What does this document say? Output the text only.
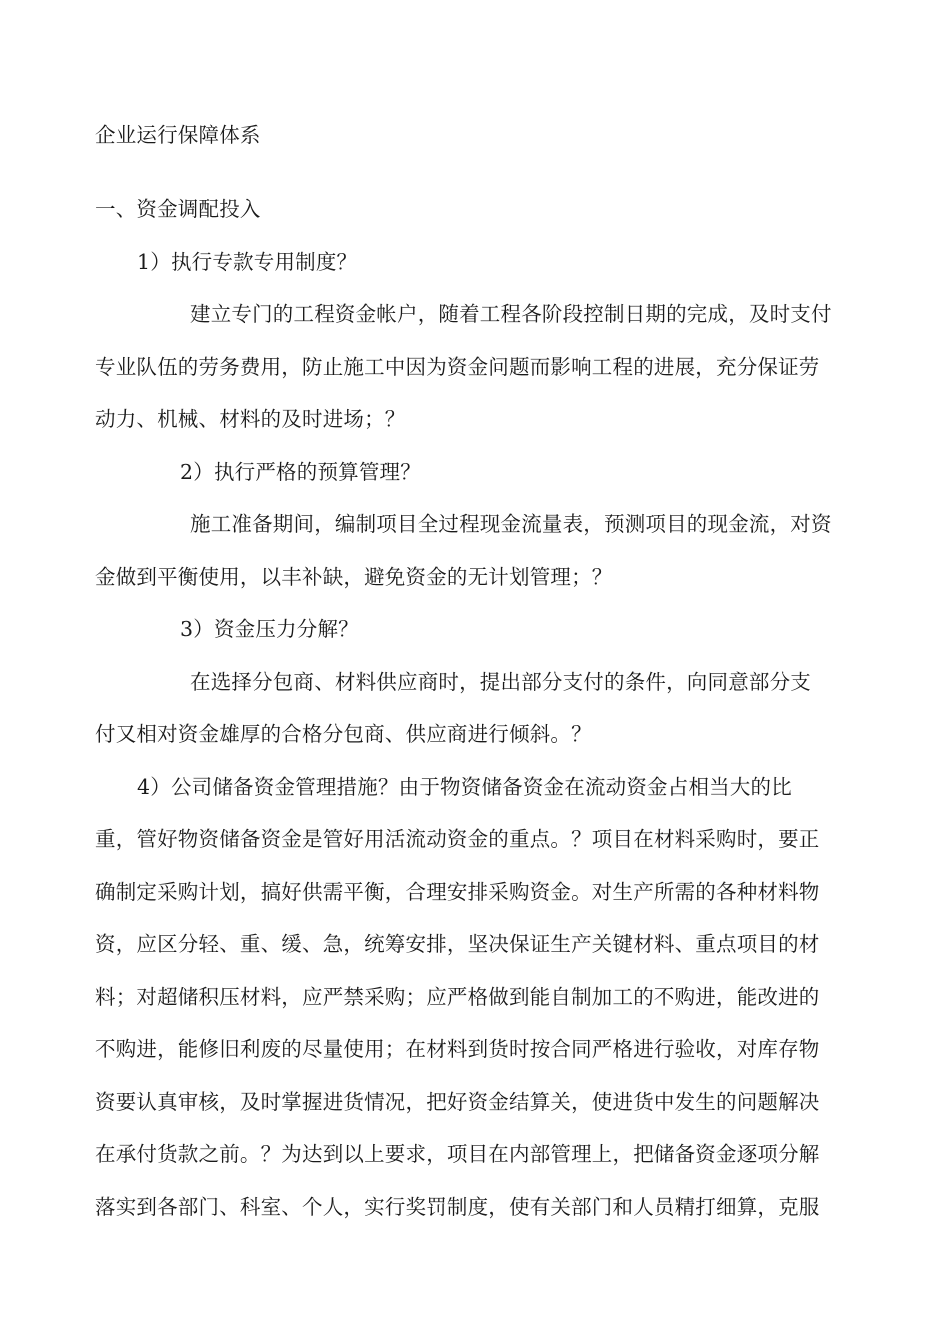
企业运行保障体系
一、资金调配投入
1）执行专款专用制度？
建立专门的工程资金帐户，随着工程各阶段控制日期的完成，及时支付
专业队伍的劳务费用，防止施工中因为资金问题而影响工程的进展，充分保证劳
动力、机械、材料的及时进场；？
2）执行严格的预算管理？
施工准备期间，编制项目全过程现金流量表，预测项目的现金流，对资
金做到平衡使用，以丰补缺，避免资金的无计划管理；？
3）资金压力分解？
在选择分包商、材料供应商时，提出部分支付的条件，向同意部分支
付又相对资金雄厚的合格分包商、供应商进行倾斜。？
4）公司储备资金管理措施？由于物资储备资金在流动资金占相当大的比
重，管好物资储备资金是管好用活流动资金的重点。？项目在材料采购时，要正
确制定采购计划，搞好供需平衡，合理安排采购资金。对生产所需的各种材料物
资，应区分轻、重、缓、急，统筹安排，坚决保证生产关键材料、重点项目的材
料；对超储积压材料，应严禁采购；应严格做到能自制加工的不购进，能改进的
不购进，能修旧利废的尽量使用；在材料到货时按合同严格进行验收，对库存物
资要认真审核，及时掌握进货情况，把好资金结算关，使进货中发生的问题解决
在承付货款之前。？为达到以上要求，项目在内部管理上，把储备资金逐项分解
落实到各部门、科室、个人，实行奖罚制度，使有关部门和人员精打细算，克服
